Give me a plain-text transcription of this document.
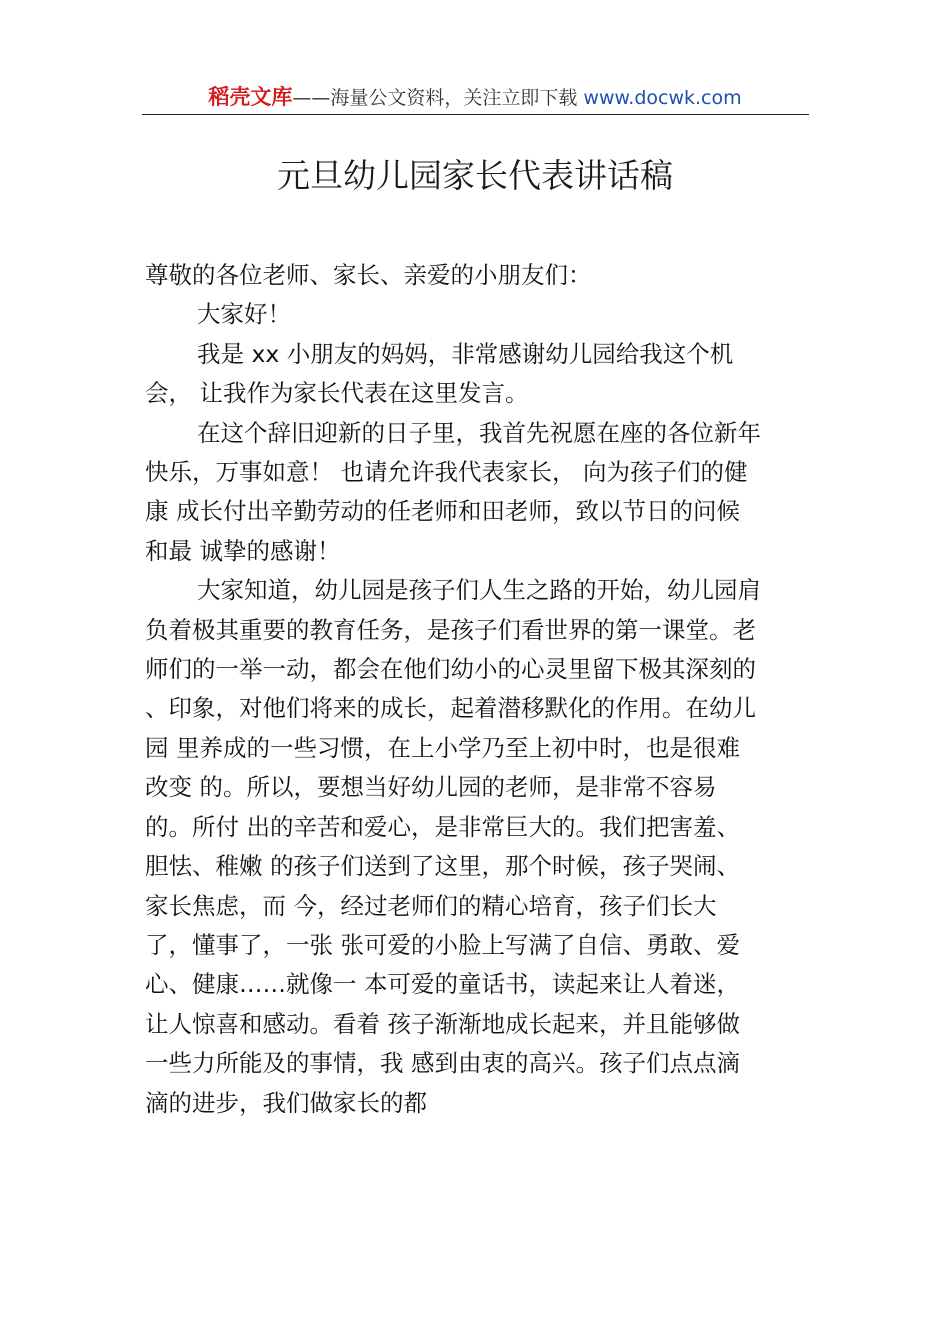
稻壳文库——海量公文资料，关注立即下载 www.docwk.com
元旦幼儿园家长代表讲话稿

尊敬的各位老师、家长、亲爱的小朋友们：

大家好！

我是 xx 小朋友的妈妈，非常感谢幼儿园给我这个机
会， 让我作为家长代表在这里发言。

在这个辞旧迎新的日子里，我首先祝愿在座的各位新年
快乐，万事如意！ 也请允许我代表家长， 向为孩子们的健
康 成长付出辛勤劳动的任老师和田老师，致以节日的问候
和最 诚挚的感谢！

大家知道，幼儿园是孩子们人生之路的开始，幼儿园肩
负着极其重要的教育任务，是孩子们看世界的第一课堂。老
师们的一举一动，都会在他们幼小的心灵里留下极其深刻的
、印象，对他们将来的成长，起着潜移默化的作用。在幼儿
园 里养成的一些习惯，在上小学乃至上初中时，也是很难
改变 的。所以，要想当好幼儿园的老师，是非常不容易
的。所付 出的辛苦和爱心，是非常巨大的。我们把害羞、
胆怯、稚嫩 的孩子们送到了这里，那个时候，孩子哭闹、
家长焦虑，而 今，经过老师们的精心培育，孩子们长大
了，懂事了，一张 张可爱的小脸上写满了自信、勇敢、爱
心、健康……就像一 本可爱的童话书，读起来让人着迷，
让人惊喜和感动。看着 孩子渐渐地成长起来，并且能够做
一些力所能及的事情，我 感到由衷的高兴。孩子们点点滴
滴的进步，我们做家长的都
